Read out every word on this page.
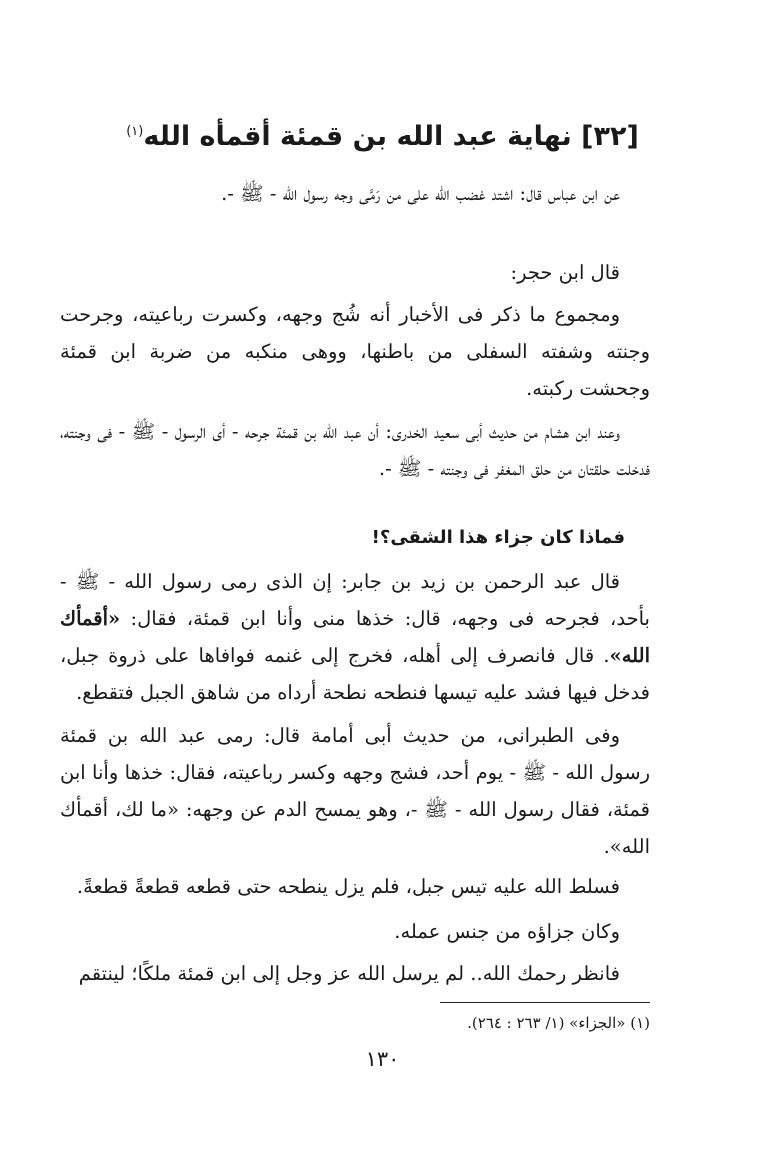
[٣٢] نهاية عبد الله بن قمئة أقمأه الله$^{(١)}$

عن ابن عباس قال: اشتد غضب الله على من رَمَّى وجه رسول الله - ﷺ -.

قال ابن حجر:

ومجموع ما ذكر فى الأخبار أنه شُج وجهه، وكسرت رباعيته، وجرحت وجنته وشفته السفلى من باطنها، ووهى منكبه من ضربة ابن قمئة وجحشت ركبته.

وعند ابن هشام من حديث أبى سعيد الخدرى: أن عبد الله بن قمئة جرحه - أى الرسول - ﷺ - فى وجنته، فدخلت حلقتان من حلق المغفر فى وجنته - ﷺ -.

فماذا كان جزاء هذا الشقى؟!

قال عبد الرحمن بن زيد بن جابر: إن الذى رمى رسول الله - ﷺ - بأحد، فجرحه فى وجهه، قال: خذها منى وأنا ابن قمئة، فقال: «أقمأك الله». قال فانصرف إلى أهله، فخرج إلى غنمه فوافاها على ذروة جبل، فدخل فيها فشد عليه تيسها فنطحه نطحة أرداه من شاهق الجبل فتقطع.

وفى الطبرانى، من حديث أبى أمامة قال: رمى عبد الله بن قمئة رسول الله - ﷺ - يوم أحد، فشج وجهه وكسر رباعيته، فقال: خذها وأنا ابن قمئة، فقال رسول الله - ﷺ -، وهو يمسح الدم عن وجهه: «ما لك، أقمأك الله».

فسلط الله عليه تيس جبل، فلم يزل ينطحه حتى قطعه قطعةً قطعةً.

وكان جزاؤه من جنس عمله.

فانظر رحمك الله.. لم يرسل الله عز وجل إلى ابن قمئة ملكًا؛ لينتقم

(١) «الجزاء» (١/ ٢٦٣ : ٢٦٤).
١٣٠
